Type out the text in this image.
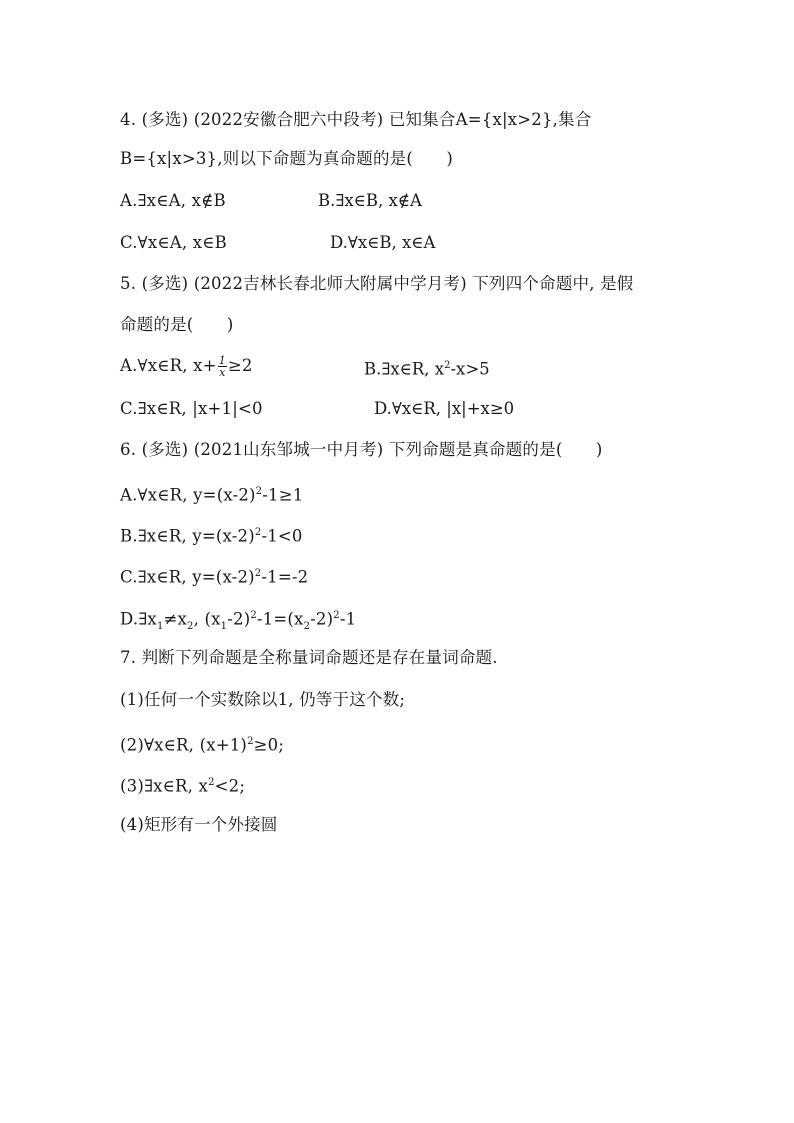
4. (多选) (2022安徽合肥六中段考) 已知集合A={x|x>2},集合
B={x|x>3},则以下命题为真命题的是(　　)
A.∃x∈A, x∉B	B.∃x∈B, x∉A
C.∀x∈A, x∈B	D.∀x∈B, x∈A
5. (多选) (2022吉林长春北师大附属中学月考) 下列四个命题中, 是假
命题的是(　　)
A.∀x∈R, $x+ \frac{1}{x} \ge 2$	B.∃x∈R, $x^2-x>5$
C.∃x∈R, |x+1|<0	D.∀x∈R, |x|+x≥0
6. (多选) (2021山东邹城一中月考) 下列命题是真命题的是(　　)
A.∀x∈R, $y=(x-2)^2-1\ge 1$
B.∃x∈R, $y=(x-2)^2-1<0$
C.∃x∈R, $y=(x-2)^2-1=-2$
$D.\exists x_1\ne x_2$, $(x_1-2)^2-1=(x_2-2)^2-1$
7. 判断下列命题是全称量词命题还是存在量词命题.
(1)任何一个实数除以1, 仍等于这个数;
(2)∀x∈R, $(x+1)^2\ge 0$;
(3)∃x∈R, $x^2<2$;
(4)矩形有一个外接圆
